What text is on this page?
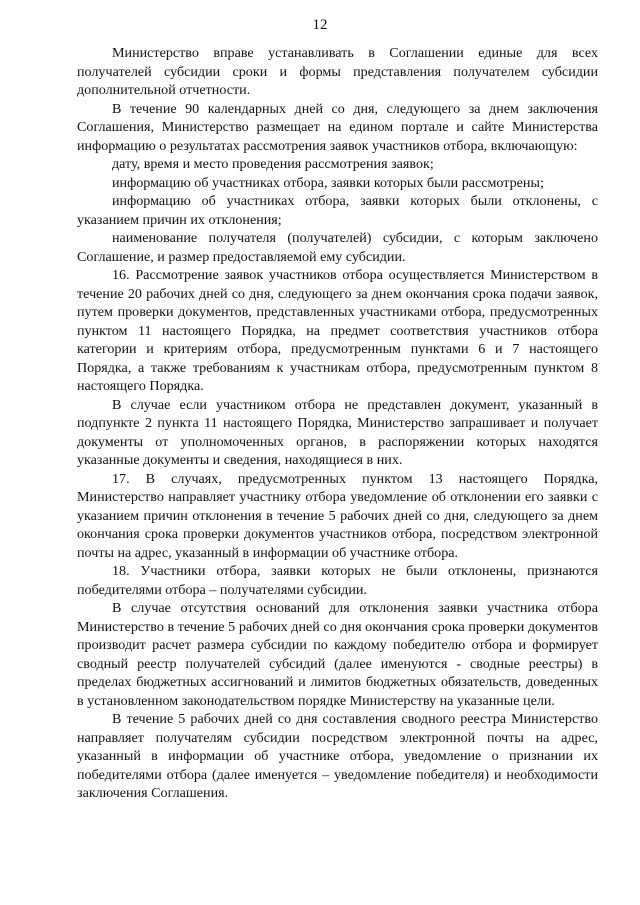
12

Министерство вправе устанавливать в Соглашении единые для всех получателей субсидии сроки и формы представления получателем субсидии дополнительной отчетности.

В течение 90 календарных дней со дня, следующего за днем заключения Соглашения, Министерство размещает на едином портале и сайте Министерства информацию о результатах рассмотрения заявок участников отбора, включающую:

дату, время и место проведения рассмотрения заявок;

информацию об участниках отбора, заявки которых были рассмотрены;

информацию об участниках отбора, заявки которых были отклонены, с указанием причин их отклонения;

наименование получателя (получателей) субсидии, с которым заключено Соглашение, и размер предоставляемой ему субсидии.

16. Рассмотрение заявок участников отбора осуществляется Министерством в течение 20 рабочих дней со дня, следующего за днем окончания срока подачи заявок, путем проверки документов, представленных участниками отбора, предусмотренных пунктом 11 настоящего Порядка, на предмет соответствия участников отбора категории и критериям отбора, предусмотренным пунктами 6 и 7 настоящего Порядка, а также требованиям к участникам отбора, предусмотренным пунктом 8 настоящего Порядка.

В случае если участником отбора не представлен документ, указанный в подпункте 2 пункта 11 настоящего Порядка, Министерство запрашивает и получает документы от уполномоченных органов, в распоряжении которых находятся указанные документы и сведения, находящиеся в них.

17. В случаях, предусмотренных пунктом 13 настоящего Порядка, Министерство направляет участнику отбора уведомление об отклонении его заявки с указанием причин отклонения в течение 5 рабочих дней со дня, следующего за днем окончания срока проверки документов участников отбора, посредством электронной почты на адрес, указанный в информации об участнике отбора.

18. Участники отбора, заявки которых не были отклонены, признаются победителями отбора – получателями субсидии.

В случае отсутствия оснований для отклонения заявки участника отбора Министерство в течение 5 рабочих дней со дня окончания срока проверки документов производит расчет размера субсидии по каждому победителю отбора и формирует сводный реестр получателей субсидий (далее именуются - сводные реестры) в пределах бюджетных ассигнований и лимитов бюджетных обязательств, доведенных в установленном законодательством порядке Министерству на указанные цели.

В течение 5 рабочих дней со дня составления сводного реестра Министерство направляет получателям субсидии посредством электронной почты на адрес, указанный в информации об участнике отбора, уведомление о признании их победителями отбора (далее именуется – уведомление победителя) и необходимости заключения Соглашения.
